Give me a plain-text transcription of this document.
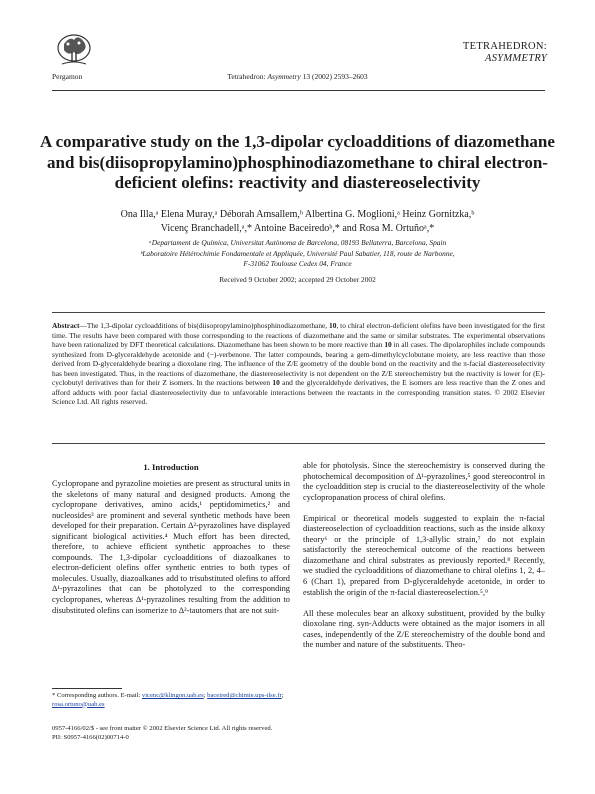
Pergamon	Tetrahedron: Asymmetry 13 (2002) 2593–2603
TETRAHEDRON:
ASYMMETRY
A comparative study on the 1,3-dipolar cycloadditions of diazomethane and bis(diisopropylamino)phosphinodiazomethane to chiral electron-deficient olefins: reactivity and diastereoselectivity
Ona Illa,ᵃ Elena Muray,ᵃ Déborah Amsallem,ᵇ Albertina G. Moglioni,ᵃ Heinz Gornitzka,ᵇ
Vicenç Branchadell,ᵃ,* Antoine Baceiredoᵇ,* and Rosa M. Ortuñoᵃ,*
ᵃDepartament de Química, Universitat Autònoma de Barcelona, 08193 Bellaterra, Barcelona, Spain
ᵇLaboratoire Hétérochimie Fondamentale et Appliquée, Université Paul Sabatier, 118, route de Narbonne,
F-31062 Toulouse Cedex 04, France
Received 9 October 2002; accepted 29 October 2002
Abstract—The 1,3-dipolar cycloadditions of bis(diisopropylamino)phosphinodiazomethane, 10, to chiral electron-deficient olefins have been investigated for the first time. The results have been compared with those corresponding to the reactions of diazomethane and the same or similar substrates. The experimental observations have been rationalized by DFT theoretical calculations. Diazomethane has been shown to be more reactive than 10 in all cases. The dipolarophiles include compounds synthesized from D-glyceraldehyde acetonide and (−)-verbenone. The latter compounds, bearing a gem-dimethylcyclobutane moiety, are less reactive than those derived from D-glyceraldehyde bearing a dioxolane ring. The influence of the Z/E geometry of the double bond on the reactivity and the π-facial diastereoselectivity has been investigated. Thus, in the reactions of diazomethane, the diastereoselectivity is not dependent on the Z/E stereochemistry but the reactivity is lower for (E)-cyclobutyl derivatives than for their Z isomers. In the reactions between 10 and the glyceraldehyde derivatives, the E isomers are less reactive than the Z ones and afford adducts with poor facial diastereoselectivity due to unfavorable interactions between the reactants in the corresponding transition states. © 2002 Elsevier Science Ltd. All rights reserved.
1. Introduction

Cyclopropane and pyrazoline moieties are present as structural units in the skeletons of many natural and designed products. Among the cyclopropane derivatives, amino acids,¹ peptidomimetics,² and nucleosides³ are prominent and several synthetic methods have been developed for their preparation. Certain Δ²-pyrazolines have displayed significant biological activities.⁴ Much effort has been directed, therefore, to achieve efficient synthetic approaches to these compounds. The 1,3-dipolar cycloadditions of diazoalkanes to electron-deficient olefins offer synthetic entries to both types of molecules. Usually, diazoalkanes add to trisubstituted olefins to afford Δ¹-pyrazolines that can be photolyzed to the corresponding cyclopropanes, whereas Δ¹-pyrazolines resulting from the addition to disubstituted olefins can isomerize to Δ²-tautomers that are not suit-

able for photolysis. Since the stereochemistry is conserved during the photochemical decomposition of Δ¹-pyrazolines,⁵ good stereocontrol in the cycloaddition step is crucial to the diastereoselectivity of the whole cyclopropanation process of chiral olefins.

Empirical or theoretical models suggested to explain the π-facial diastereoselection of cycloaddition reactions, such as the inside alkoxy theory⁶ or the principle of 1,3-allylic strain,⁷ do not explain satisfactorily the stereochemical outcome of the reactions between diazomethane and chiral substrates as previously reported.⁸ Recently, we studied the cycloadditions of diazomethane to chiral olefins 1, 2, 4–6 (Chart 1), prepared from D-glyceraldehyde acetonide, in order to establish the origin of the π-facial diastereoselection.⁵,⁹

All these molecules bear an alkoxy substituent, provided by the bulky dioxolane ring. syn-Adducts were obtained as the major isomers in all cases, independently of the Z/E stereochemistry of the double bond and the number and nature of the substituents. Theo-

* Corresponding authors. E-mail: vicenc@klingon.uab.es; baceired@chimie.ups-tlse.fr; rosa.ortuno@uab.es
0957-4166/02/$ - see front matter © 2002 Elsevier Science Ltd. All rights reserved.
PII: S0957-4166(02)00714-0
